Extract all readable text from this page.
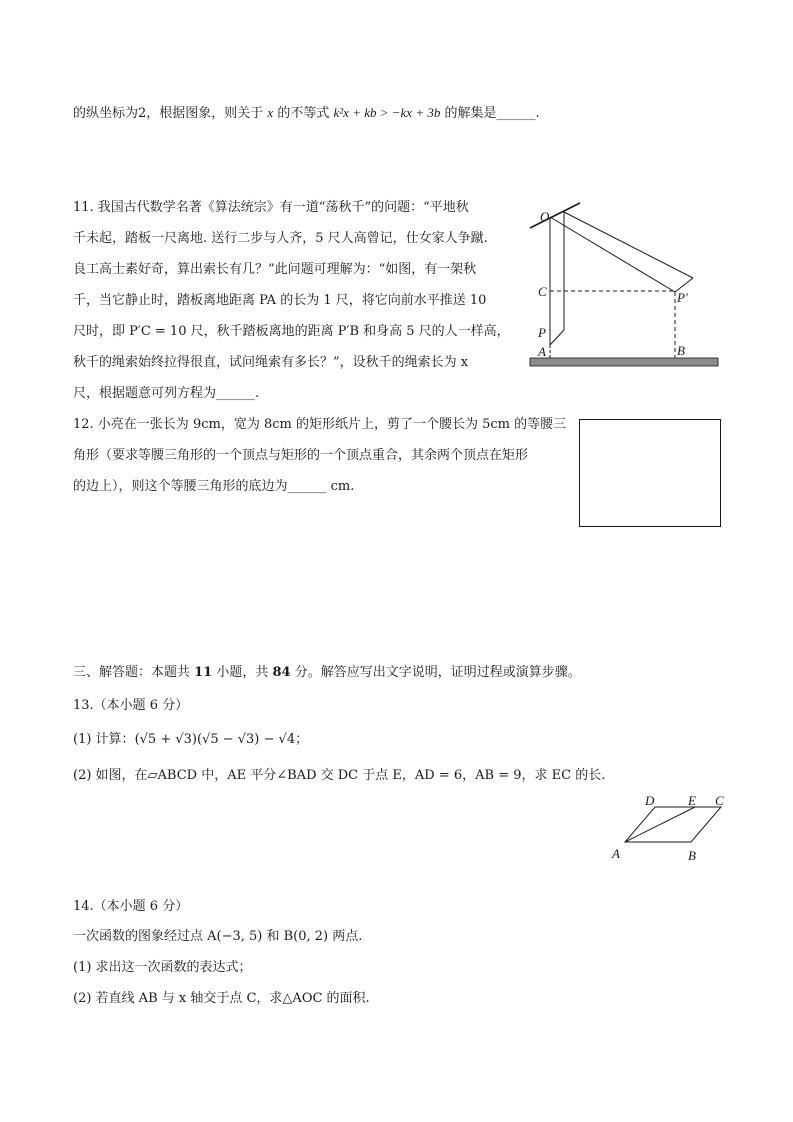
的纵坐标为2，根据图象，则关于 x 的不等式 k²x + kb > −kx + 3b 的解集是______.
11. 我国古代数学名著《算法统宗》有一道“荡秋千”的问题：“平地秋
千未起，踏板一尺离地. 送行二步与人齐，5 尺人高曾记，仕女家人争蹴.
良工高士素好奇，算出索长有几？”此问题可理解为：“如图，有一架秋
千，当它静止时，踏板离地距离 PA 的长为 1 尺，将它向前水平推送 10
尺时，即 P′C = 10 尺，秋千踏板离地的距离 P′B 和身高 5 尺的人一样高，
秋千的绳索始终拉得很直，试问绳索有多长？”，设秋千的绳索长为 x
尺，根据题意可列方程为______.
O
C
P
A
P′
B
12. 小亮在一张长为 9cm，宽为 8cm 的矩形纸片上，剪了一个腰长为 5cm 的等腰三
角形（要求等腰三角形的一个顶点与矩形的一个顶点重合，其余两个顶点在矩形
的边上），则这个等腰三角形的底边为______ cm.
三、解答题：本题共 11 小题，共 84 分。解答应写出文字说明，证明过程或演算步骤。
13.（本小题 6 分）
(1) 计算：(√5 + √3)(√5 − √3) − √4；
(2) 如图，在▱ABCD 中，AE 平分∠BAD 交 DC 于点 E，AD = 6，AB = 9，求 EC 的长.
D	E C
A	B
14.（本小题 6 分）
一次函数的图象经过点 A(−3, 5) 和 B(0, 2) 两点.
(1) 求出这一次函数的表达式；
(2) 若直线 AB 与 x 轴交于点 C，求△AOC 的面积.
